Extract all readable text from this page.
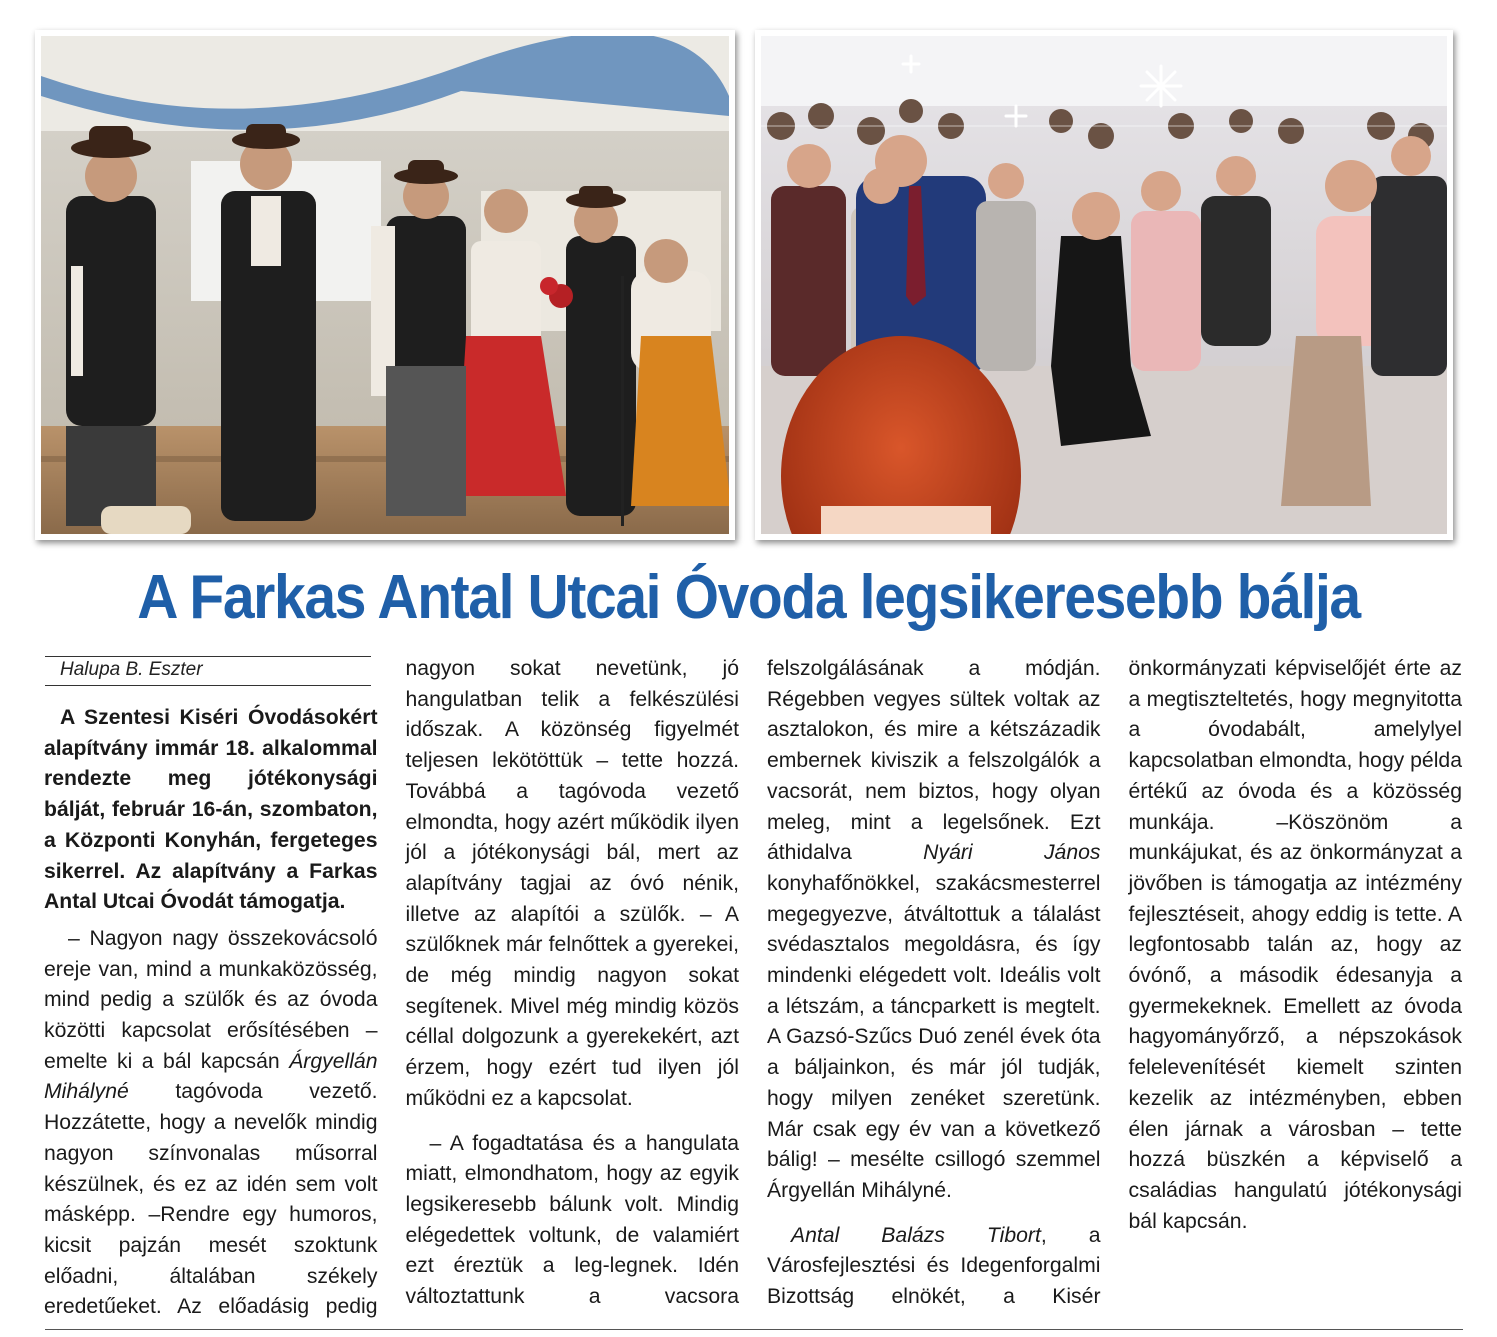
A Farkas Antal Utcai Óvoda legsikeresebb bálja
Halupa B. Eszter

A Szentesi Kiséri Óvodásokért alapítvány immár 18. alkalommal rendezte meg jótékonysági bálját, február 16-án, szombaton, a Központi Konyhán, fergeteges sikerrel. Az alapítvány a Farkas Antal Utcai Óvodát támogatja.

– Nagyon nagy összekovácsoló ereje van, mind a munkaközösség, mind pedig a szülők és az óvoda közötti kapcsolat erősítésében – emelte ki a bál kapcsán Árgyellán Mihályné tagóvoda vezető. Hozzátette, hogy a nevelők mindig nagyon színvonalas műsorral készülnek, és ez az idén sem volt másképp. –Rendre egy humoros, kicsit pajzán mesét szoktunk előadni, általában székely eredetűeket. Az előadásig pedig nagyon sokat nevetünk, jó hangulatban telik a felkészülési időszak. A közönség figyelmét teljesen lekötöttük – tette hozzá. Továbbá a tagóvoda vezető elmondta, hogy azért működik ilyen jól a jótékonysági bál, mert az alapítvány tagjai az óvó nénik, illetve az alapítói a szülők. – A szülőknek már felnőttek a gyerekei, de még mindig nagyon sokat segítenek. Mivel még mindig közös céllal dolgozunk a gyerekekért, azt érzem, hogy ezért tud ilyen jól működni ez a kapcsolat.

– A fogadtatása és a hangulata miatt, elmondhatom, hogy az egyik legsikeresebb bálunk volt. Mindig elégedettek voltunk, de valamiért ezt éreztük a leg-legnek. Idén változtattunk a vacsora felszolgálásának a módján. Régebben vegyes sültek voltak az asztalokon, és mire a kétszázadik embernek kiviszik a felszolgálók a vacsorát, nem biztos, hogy olyan meleg, mint a legelsőnek. Ezt áthidalva Nyári János konyhafőnökkel, szakácsmesterrel megegyezve, átváltottuk a tálalást svédasztalos megoldásra, és így mindenki elégedett volt. Ideális volt a létszám, a táncparkett is megtelt. A Gazsó-Szűcs Duó zenél évek óta a báljainkon, és már jól tudják, hogy milyen zenéket szeretünk. Már csak egy év van a következő bálig! – mesélte csillogó szemmel Árgyellán Mihályné.

Antal Balázs Tibort, a Városfejlesztési és Idegenforgalmi Bizottság elnökét, a Kisér önkormányzati képviselőjét érte az a megtiszteltetés, hogy megnyitotta a óvodabált, amelylyel kapcsolatban elmondta, hogy példa értékű az óvoda és a közösség munkája. –Köszönöm a munkájukat, és az önkormányzat a jövőben is támogatja az intézmény fejlesztéseit, ahogy eddig is tette. A legfontosabb talán az, hogy az óvónő, a második édesanyja a gyermekeknek. Emellett az óvoda hagyományőrző, a népszokások felelevenítését kiemelt szinten kezelik az intézményben, ebben élen járnak a városban – tette hozzá büszkén a képviselő a családias hangulatú jótékonysági bál kapcsán.
